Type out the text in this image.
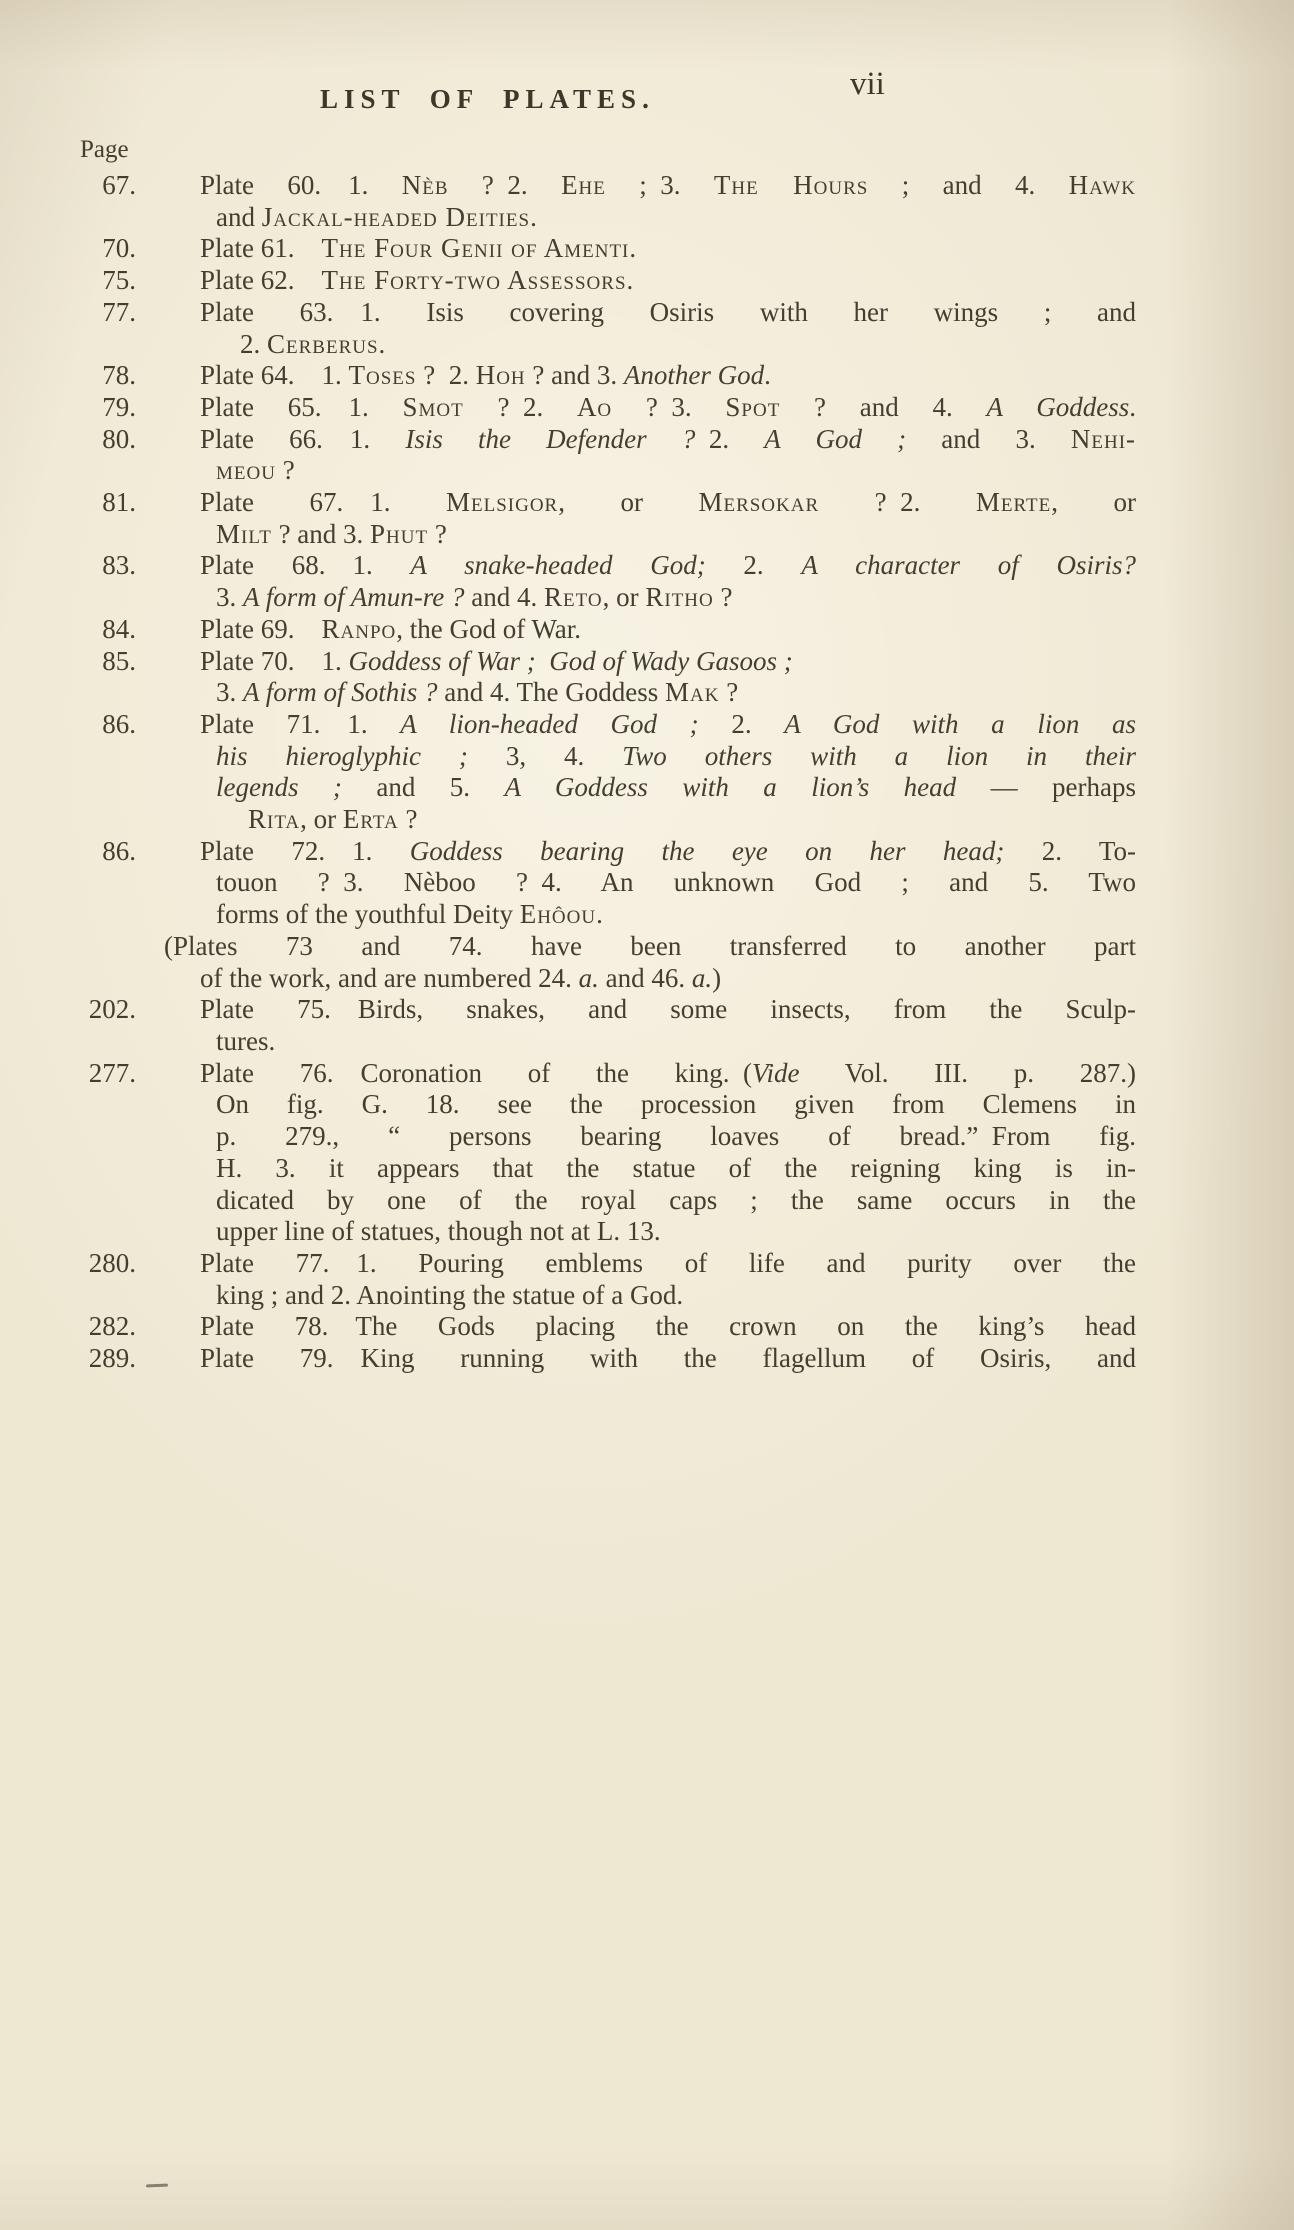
LIST OF PLATES.	vii
Page
67. Plate 60. 1. Nèb ? 2. Ehe ; 3. The Hours ; and 4. Hawk
and Jackal-headed Deities.
70. Plate 61. The Four Genii of Amenti.
75. Plate 62. The Forty-two Assessors.
77. Plate 63. 1. Isis covering Osiris with her wings ; and
2. Cerberus.
78. Plate 64. 1. Toses ? 2. Hoh ? and 3. Another God.
79. Plate 65. 1. Smot ? 2. Ao ? 3. Spot ? and 4. A Goddess.
80. Plate 66. 1. Isis the Defender ? 2. A God ; and 3. Nehi-
meou ?
81. Plate 67. 1. Melsigor, or Mersokar ? 2. Merte, or
Milt ? and 3. Phut ?
83. Plate 68. 1. A snake-headed God; 2. A character of Osiris?
3. A form of Amun-re ? and 4. Reto, or Ritho ?
84. Plate 69. Ranpo, the God of War.
85. Plate 70. 1. Goddess of War ; God of Wady Gasoos ;
3. A form of Sothis ? and 4. The Goddess Mak ?
86. Plate 71. 1. A lion-headed God ; 2. A God with a lion as
his hieroglyphic ; 3, 4. Two others with a lion in their
legends ; and 5. A Goddess with a lion’s head — perhaps
Rita, or Erta ?
86. Plate 72. 1. Goddess bearing the eye on her head; 2. To-
touon ? 3. Nèboo ? 4. An unknown God ; and 5. Two
forms of the youthful Deity Ehôou.
(Plates 73 and 74. have been transferred to another part
of the work, and are numbered 24. a. and 46. a.)
202. Plate 75. Birds, snakes, and some insects, from the Sculp-
tures.
277. Plate 76. Coronation of the king. (Vide Vol. III. p. 287.)
On fig. G. 18. see the procession given from Clemens in
p. 279., “ persons bearing loaves of bread.” From fig.
H. 3. it appears that the statue of the reigning king is in-
dicated by one of the royal caps ; the same occurs in the
upper line of statues, though not at L. 13.
280. Plate 77. 1. Pouring emblems of life and purity over the
king ; and 2. Anointing the statue of a God.
282. Plate 78. The Gods placing the crown on the king’s head
289. Plate 79. King running with the flagellum of Osiris, and
